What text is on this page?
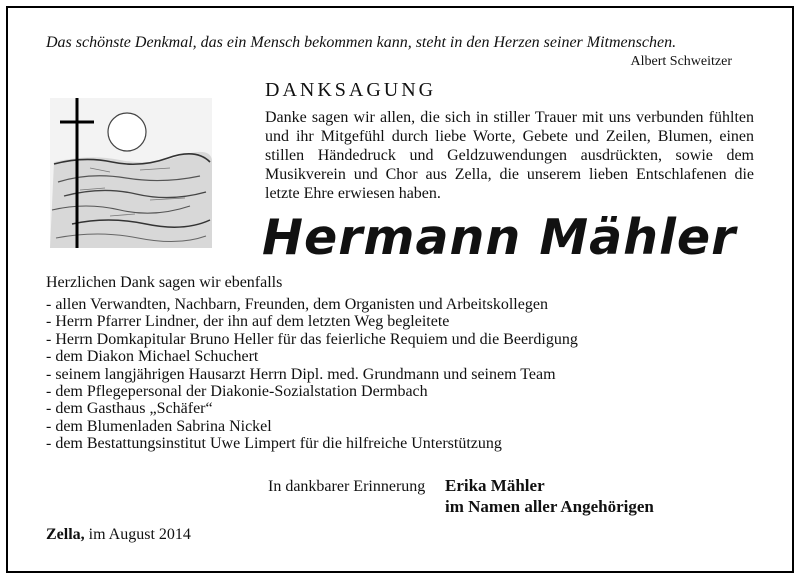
Das schönste Denkmal, das ein Mensch bekommen kann, steht in den Herzen seiner Mitmenschen.
Albert Schweitzer
DANKSAGUNG

Danke sagen wir allen, die sich in stiller Trauer mit uns verbunden fühlten und ihr Mitgefühl durch liebe Worte, Gebete und Zeilen, Blumen, einen stillen Händedruck und Geldzuwendungen ausdrückten, sowie dem Musikverein und Chor aus Zella, die unserem lieben Entschlafenen die letzte Ehre erwiesen haben.

Hermann Mähler
Herzlichen Dank sagen wir ebenfalls
- allen Verwandten, Nachbarn, Freunden, dem Organisten und Arbeitskollegen
- Herrn Pfarrer Lindner, der ihn auf dem letzten Weg begleitete
- Herrn Domkapitular Bruno Heller für das feierliche Requiem und die Beerdigung
- dem Diakon Michael Schuchert
- seinem langjährigen Hausarzt Herrn Dipl. med. Grundmann und seinem Team
- dem Pflegepersonal der Diakonie-Sozialstation Dermbach
- dem Gasthaus „Schäfer“
- dem Blumenladen Sabrina Nickel
- dem Bestattungsinstitut Uwe Limpert für die hilfreiche Unterstützung
In dankbarer Erinnerung Erika Mähler
im Namen aller Angehörigen
Zella, im August 2014
